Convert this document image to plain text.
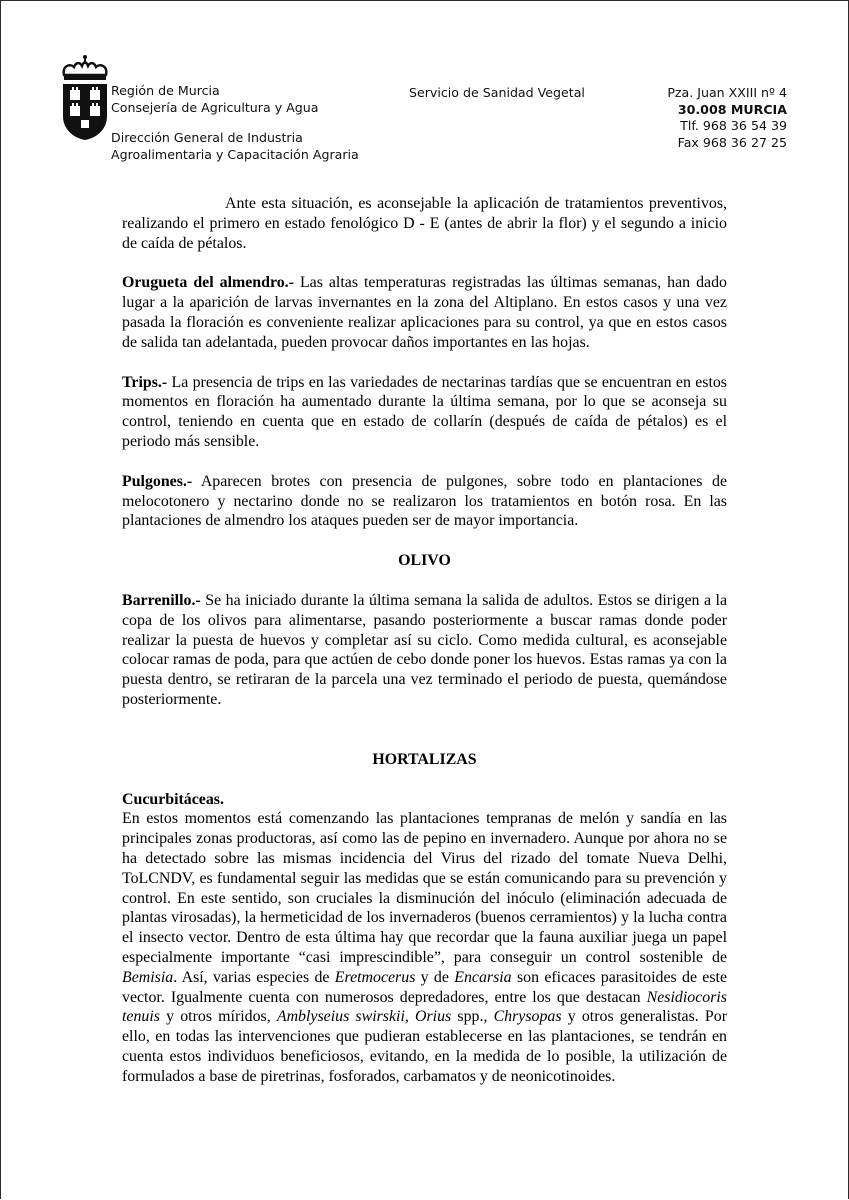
Región de Murcia
Consejería de Agricultura y Agua
Dirección General de Industria
Agroalimentaria y Capacitación Agraria
Servicio de Sanidad Vegetal	Pza. Juan XXIII nº 4
30.008 MURCIA
Tlf. 968 36 54 39
Fax 968 36 27 25

Ante esta situación, es aconsejable la aplicación de tratamientos preventivos, realizando el primero en estado fenológico D - E (antes de abrir la flor) y el segundo a inicio de caída de pétalos.

Orugueta del almendro.- Las altas temperaturas registradas las últimas semanas, han dado lugar a la aparición de larvas invernantes en la zona del Altiplano. En estos casos y una vez pasada la floración es conveniente realizar aplicaciones para su control, ya que en estos casos de salida tan adelantada, pueden provocar daños importantes en las hojas.

Trips.- La presencia de trips en las variedades de nectarinas tardías que se encuentran en estos momentos en floración ha aumentado durante la última semana, por lo que se aconseja su control, teniendo en cuenta que en estado de collarín (después de caída de pétalos) es el periodo más sensible.

Pulgones.- Aparecen brotes con presencia de pulgones, sobre todo en plantaciones de melocotonero y nectarino donde no se realizaron los tratamientos en botón rosa. En las plantaciones de almendro los ataques pueden ser de mayor importancia.

OLIVO

Barrenillo.- Se ha iniciado durante la última semana la salida de adultos. Estos se dirigen a la copa de los olivos para alimentarse, pasando posteriormente a buscar ramas donde poder realizar la puesta de huevos y completar así su ciclo. Como medida cultural, es aconsejable colocar ramas de poda, para que actúen de cebo donde poner los huevos. Estas ramas ya con la puesta dentro, se retiraran de la parcela una vez terminado el periodo de puesta, quemándose posteriormente.

HORTALIZAS

Cucurbitáceas.

En estos momentos está comenzando las plantaciones tempranas de melón y sandía en las principales zonas productoras, así como las de pepino en invernadero. Aunque por ahora no se ha detectado sobre las mismas incidencia del Virus del rizado del tomate Nueva Delhi, ToLCNDV, es fundamental seguir las medidas que se están comunicando para su prevención y control. En este sentido, son cruciales la disminución del inóculo (eliminación adecuada de plantas virosadas), la hermeticidad de los invernaderos (buenos cerramientos) y la lucha contra el insecto vector. Dentro de esta última hay que recordar que la fauna auxiliar juega un papel especialmente importante “casi imprescindible”, para conseguir un control sostenible de Bemisia. Así, varias especies de Eretmocerus y de Encarsia son eficaces parasitoides de este vector. Igualmente cuenta con numerosos depredadores, entre los que destacan Nesidiocoris tenuis y otros míridos, Amblyseius swirskii, Orius spp., Chrysopas y otros generalistas. Por ello, en todas las intervenciones que pudieran establecerse en las plantaciones, se tendrán en cuenta estos individuos beneficiosos, evitando, en la medida de lo posible, la utilización de formulados a base de piretrinas, fosforados, carbamatos y de neonicotinoides.
